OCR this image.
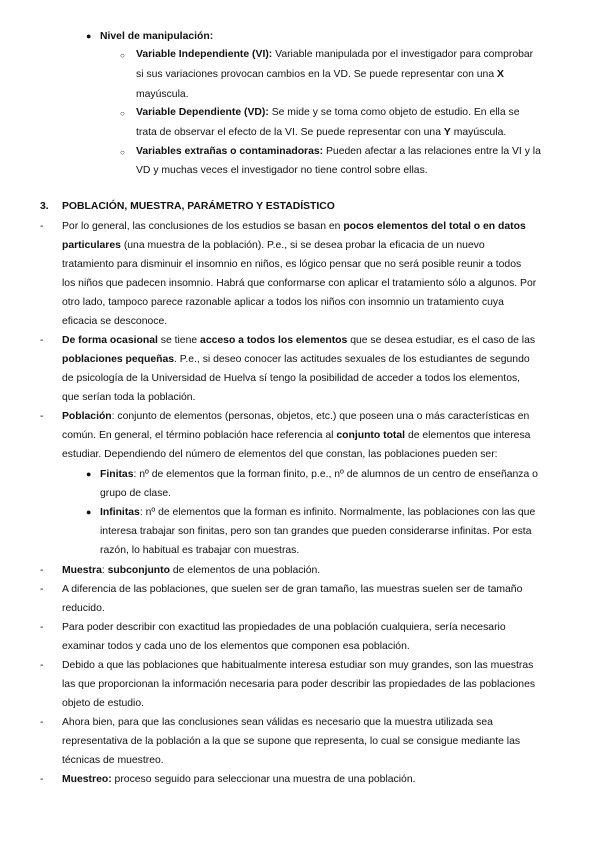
● Nivel de manipulación:
○ Variable Independiente (VI): Variable manipulada por el investigador para comprobar
si sus variaciones provocan cambios en la VD. Se puede representar con una X
mayúscula.
○ Variable Dependiente (VD): Se mide y se toma como objeto de estudio. En ella se
trata de observar el efecto de la VI. Se puede representar con una Y mayúscula.
○ Variables extrañas o contaminadoras: Pueden afectar a las relaciones entre la VI y la
VD y muchas veces el investigador no tiene control sobre ellas.
3. POBLACIÓN, MUESTRA, PARÁMETRO Y ESTADÍSTICO
- Por lo general, las conclusiones de los estudios se basan en pocos elementos del total o en datos
particulares (una muestra de la población). P.e., si se desea probar la eficacia de un nuevo
tratamiento para disminuir el insomnio en niños, es lógico pensar que no será posible reunir a todos
los niños que padecen insomnio. Habrá que conformarse con aplicar el tratamiento sólo a algunos. Por
otro lado, tampoco parece razonable aplicar a todos los niños con insomnio un tratamiento cuya
eficacia se desconoce.
- De forma ocasional se tiene acceso a todos los elementos que se desea estudiar, es el caso de las
poblaciones pequeñas. P.e., si deseo conocer las actitudes sexuales de los estudiantes de segundo
de psicología de la Universidad de Huelva sí tengo la posibilidad de acceder a todos los elementos,
que serían toda la población.
- Población: conjunto de elementos (personas, objetos, etc.) que poseen una o más características en
común. En general, el término población hace referencia al conjunto total de elementos que interesa
estudiar. Dependiendo del número de elementos del que constan, las poblaciones pueden ser:
● Finitas: nº de elementos que la forman finito, p.e., nº de alumnos de un centro de enseñanza o
grupo de clase.
● Infinitas: nº de elementos que la forman es infinito. Normalmente, las poblaciones con las que
interesa trabajar son finitas, pero son tan grandes que pueden considerarse infinitas. Por esta
razón, lo habitual es trabajar con muestras.
- Muestra: subconjunto de elementos de una población.
- A diferencia de las poblaciones, que suelen ser de gran tamaño, las muestras suelen ser de tamaño
reducido.
- Para poder describir con exactitud las propiedades de una población cualquiera, sería necesario
examinar todos y cada uno de los elementos que componen esa población.
- Debido a que las poblaciones que habitualmente interesa estudiar son muy grandes, son las muestras
las que proporcionan la información necesaria para poder describir las propiedades de las poblaciones
objeto de estudio.
- Ahora bien, para que las conclusiones sean válidas es necesario que la muestra utilizada sea
representativa de la población a la que se supone que representa, lo cual se consigue mediante las
técnicas de muestreo.
- Muestreo: proceso seguido para seleccionar una muestra de una población.
